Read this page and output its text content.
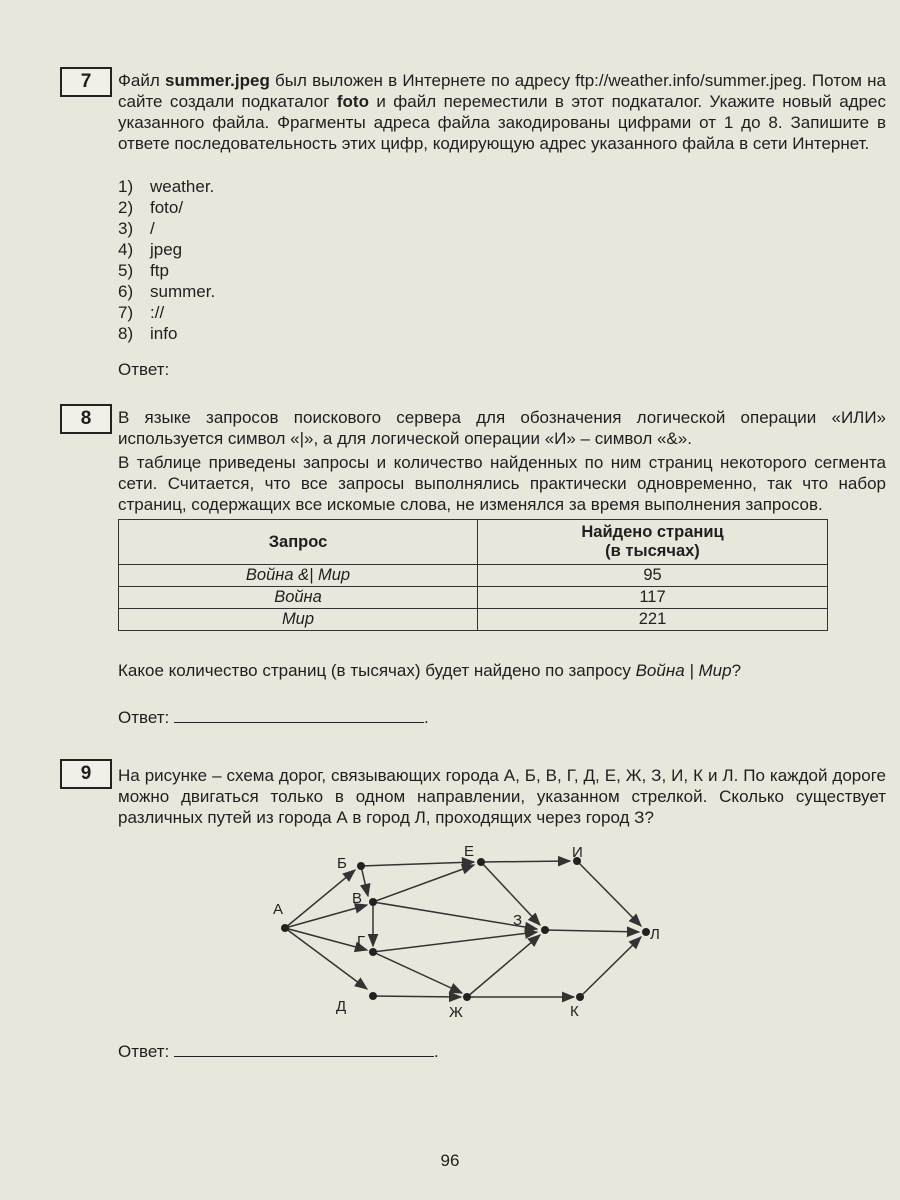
7	Файл summer.jpeg был выложен в Интернете по адресу ftp://weather.info/summer.jpeg. Потом на сайте создали подкаталог foto и файл переместили в этот подкаталог. Укажите новый адрес указанного файла. Фрагменты адреса файла закодированы цифрами от 1 до 8. Запишите в ответе последовательность этих цифр, кодирующую адрес указанного файла в сети Интернет.

1) weather.
2) foto/
3) /
4) jpeg
5) ftp
6) summer.
7) ://
8) info
Ответ:
8	В языке запросов поискового сервера для обозначения логической операции «ИЛИ» используется символ «|», а для логической операции «И» – символ «&».
В таблице приведены запросы и количество найденных по ним страниц некоторого сегмента сети. Считается, что все запросы выполнялись практически одновременно, так что набор страниц, содержащих все искомые слова, не изменялся за время выполнения запросов.
Запрос	Найдено страниц
(в тысячах)
Война &| Мир	95
Война	117
Мир	221
Какое количество страниц (в тысячах) будет найдено по запросу Война | Мир?
Ответ:	.
9	На рисунке – схема дорог, связывающих города А, Б, В, Г, Д, Е, Ж, З, И, К и Л. По каждой дороге можно двигаться только в одном направлении, указанном стрелкой. Сколько существует различных путей из города А в город Л, проходящих через город З?
А
Б
В
Г
Д
Е
Ж
З
И
К
Л
Ответ:	.
96
